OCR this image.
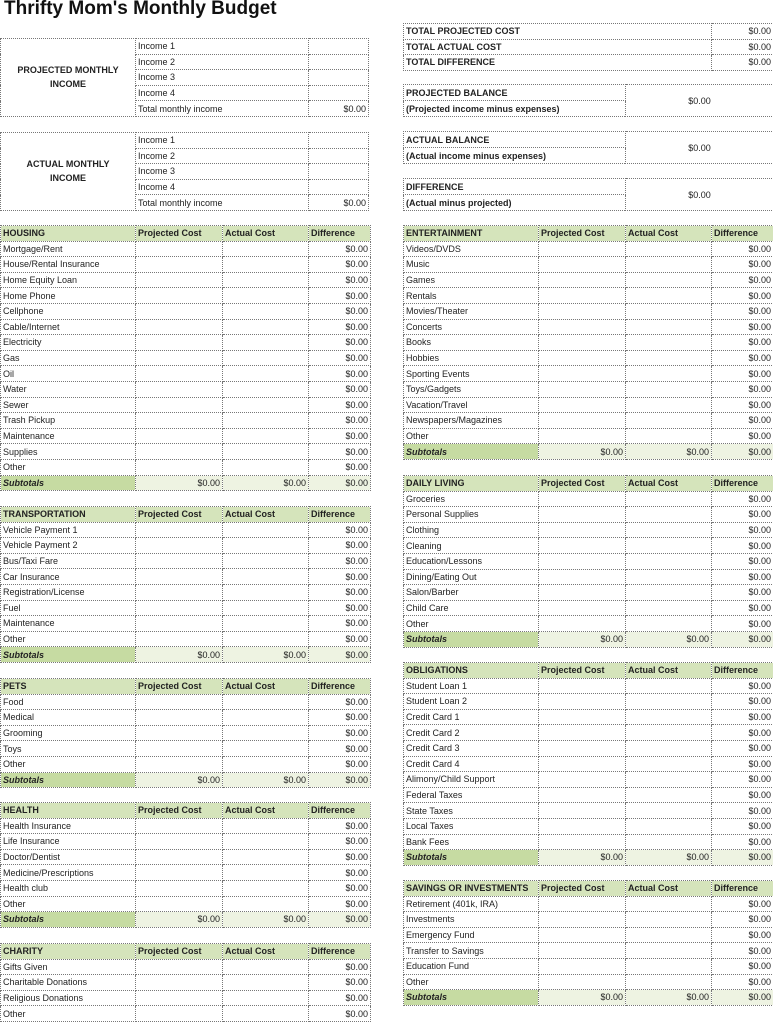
Thrifty Mom's Monthly Budget
PROJECTED MONTHLY INCOME	Income 1	
	Income 2	
	Income 3	
	Income 4	
	Total monthly income	$0.00
ACTUAL MONTHLY INCOME	Income 1	
	Income 2	
	Income 3	
	Income 4	
	Total monthly income	$0.00
TOTAL PROJECTED COST	$0.00
TOTAL ACTUAL COST	$0.00
TOTAL DIFFERENCE	$0.00
PROJECTED BALANCE	$0.00
(Projected income minus expenses)
ACTUAL BALANCE	$0.00
(Actual income minus expenses)
DIFFERENCE	$0.00
(Actual minus projected)
HOUSING	Projected Cost	Actual Cost	Difference
Mortgage/Rent			$0.00
House/Rental Insurance			$0.00
Home Equity Loan			$0.00
Home Phone			$0.00
Cellphone			$0.00
Cable/Internet			$0.00
Electricity			$0.00
Gas			$0.00
Oil			$0.00
Water			$0.00
Sewer			$0.00
Trash Pickup			$0.00
Maintenance			$0.00
Supplies			$0.00
Other			$0.00
Subtotals	$0.00	$0.00	$0.00
TRANSPORTATION	Projected Cost	Actual Cost	Difference
Vehicle Payment 1			$0.00
Vehicle Payment 2			$0.00
Bus/Taxi Fare			$0.00
Car Insurance			$0.00
Registration/License			$0.00
Fuel			$0.00
Maintenance			$0.00
Other			$0.00
Subtotals	$0.00	$0.00	$0.00
PETS	Projected Cost	Actual Cost	Difference
Food			$0.00
Medical			$0.00
Grooming			$0.00
Toys			$0.00
Other			$0.00
Subtotals	$0.00	$0.00	$0.00
HEALTH	Projected Cost	Actual Cost	Difference
Health Insurance			$0.00
Life Insurance			$0.00
Doctor/Dentist			$0.00
Medicine/Prescriptions			$0.00
Health club			$0.00
Other			$0.00
Subtotals	$0.00	$0.00	$0.00
CHARITY	Projected Cost	Actual Cost	Difference
Gifts Given			$0.00
Charitable Donations			$0.00
Religious Donations			$0.00
Other			$0.00
ENTERTAINMENT	Projected Cost	Actual Cost	Difference
Videos/DVDS			$0.00
Music			$0.00
Games			$0.00
Rentals			$0.00
Movies/Theater			$0.00
Concerts			$0.00
Books			$0.00
Hobbies			$0.00
Sporting Events			$0.00
Toys/Gadgets			$0.00
Vacation/Travel			$0.00
Newspapers/Magazines			$0.00
Other			$0.00
Subtotals	$0.00	$0.00	$0.00
DAILY LIVING	Projected Cost	Actual Cost	Difference
Groceries			$0.00
Personal Supplies			$0.00
Clothing			$0.00
Cleaning			$0.00
Education/Lessons			$0.00
Dining/Eating Out			$0.00
Salon/Barber			$0.00
Child Care			$0.00
Other			$0.00
Subtotals	$0.00	$0.00	$0.00
OBLIGATIONS	Projected Cost	Actual Cost	Difference
Student Loan 1			$0.00
Student Loan 2			$0.00
Credit Card 1			$0.00
Credit Card 2			$0.00
Credit Card 3			$0.00
Credit Card 4			$0.00
Alimony/Child Support			$0.00
Federal Taxes			$0.00
State Taxes			$0.00
Local Taxes			$0.00
Bank Fees			$0.00
Subtotals	$0.00	$0.00	$0.00
SAVINGS OR INVESTMENTS	Projected Cost	Actual Cost	Difference
Retirement (401k, IRA)			$0.00
Investments			$0.00
Emergency Fund			$0.00
Transfer to Savings			$0.00
Education Fund			$0.00
Other			$0.00
Subtotals	$0.00	$0.00	$0.00
